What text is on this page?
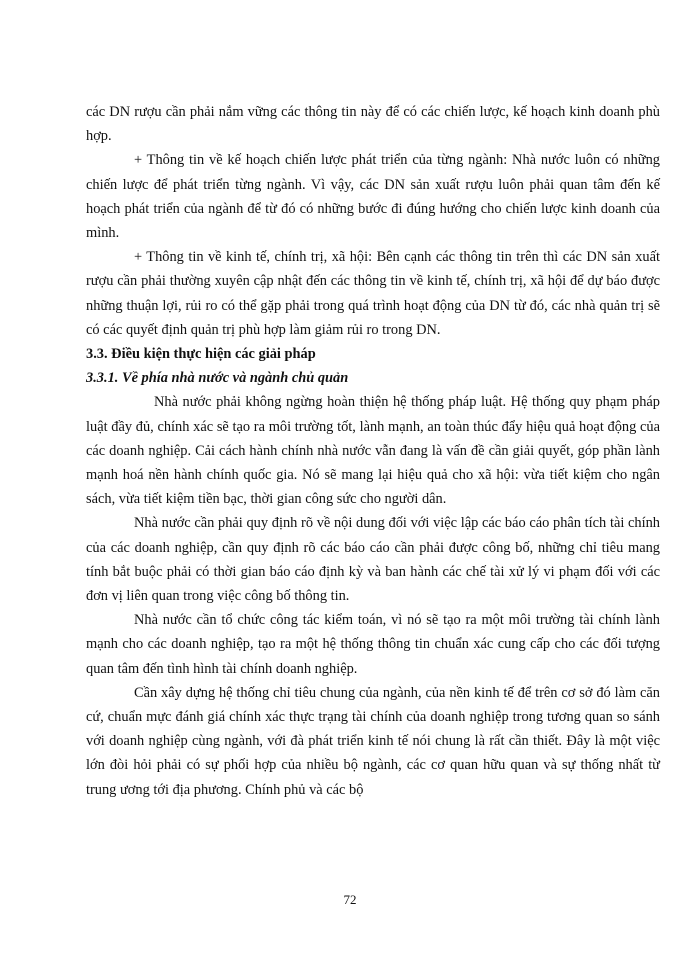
các DN rượu cần phải nắm vững các thông tin này để có các chiến lược, kế hoạch kinh doanh phù hợp.

+ Thông tin về kế hoạch chiến lược phát triển của từng ngành: Nhà nước luôn có những chiến lược để phát triển từng ngành. Vì vậy, các DN sản xuất rượu luôn phải quan tâm đến kế hoạch phát triển của ngành để từ đó có những bước đi đúng hướng cho chiến lược kinh doanh của mình.

+ Thông tin về kinh tế, chính trị, xã hội: Bên cạnh các thông tin trên thì các DN sản xuất rượu cần phải thường xuyên cập nhật đến các thông tin về kinh tế, chính trị, xã hội để dự báo được những thuận lợi, rủi ro có thể gặp phải trong quá trình hoạt động của DN từ đó, các nhà quản trị sẽ có các quyết định quản trị phù hợp làm giảm rủi ro trong DN.

3.3. Điều kiện thực hiện các giải pháp

3.3.1. Về phía nhà nước và ngành chủ quản

Nhà nước phải không ngừng hoàn thiện hệ thống pháp luật. Hệ thống quy phạm pháp luật đầy đủ, chính xác sẽ tạo ra môi trường tốt, lành mạnh, an toàn thúc đẩy hiệu quả hoạt động của các doanh nghiệp. Cải cách hành chính nhà nước vẫn đang là vấn đề cần giải quyết, góp phần lành mạnh hoá nền hành chính quốc gia. Nó sẽ mang lại hiệu quả cho xã hội: vừa tiết kiệm cho ngân sách, vừa tiết kiệm tiền bạc, thời gian công sức cho người dân.

Nhà nước cần phải quy định rõ về nội dung đối với việc lập các báo cáo phân tích tài chính của các doanh nghiệp, cần quy định rõ các báo cáo cần phải được công bố, những chỉ tiêu mang tính bắt buộc phải có thời gian báo cáo định kỳ và ban hành các chế tài xử lý vi phạm đối với các đơn vị liên quan trong việc công bố thông tin.

Nhà nước cần tổ chức công tác kiểm toán, vì nó sẽ tạo ra một môi trường tài chính lành mạnh cho các doanh nghiệp, tạo ra một hệ thống thông tin chuẩn xác cung cấp cho các đối tượng quan tâm đến tình hình tài chính doanh nghiệp.

Cần xây dựng hệ thống chỉ tiêu chung của ngành, của nền kinh tế để trên cơ sở đó làm căn cứ, chuẩn mực đánh giá chính xác thực trạng tài chính của doanh nghiệp trong tương quan so sánh với doanh nghiệp cùng ngành, với đà phát triển kinh tế nói chung là rất cần thiết. Đây là một việc lớn đòi hỏi phải có sự phối hợp của nhiều bộ ngành, các cơ quan hữu quan và sự thống nhất từ trung ương tới địa phương. Chính phủ và các bộ

72
